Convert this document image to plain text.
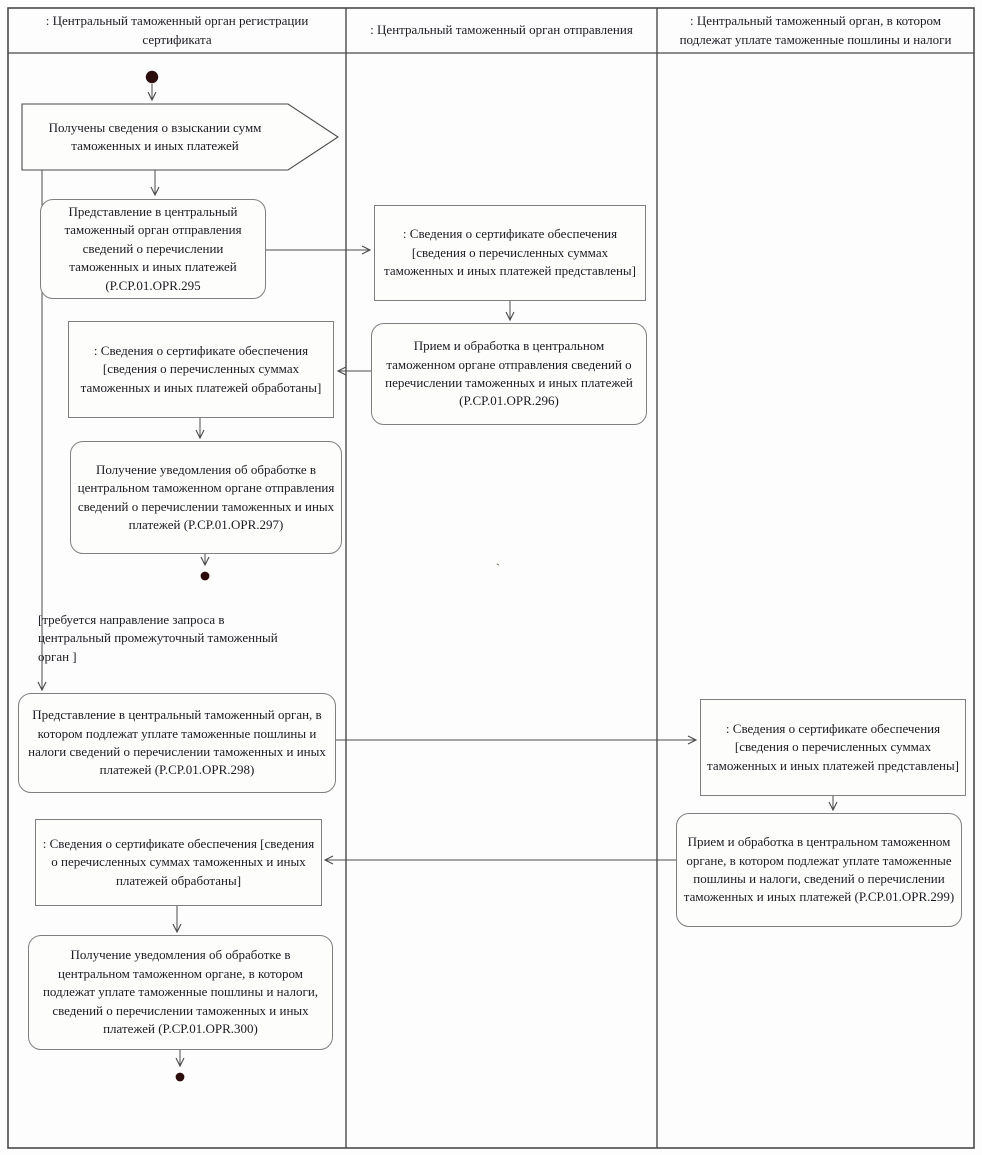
: Центральный таможенный орган регистрации сертификата
: Центральный таможенный орган отправления
: Центральный таможенный орган, в котором подлежат уплате таможенные пошлины и налоги
Получены сведения о взыскании сумм таможенных и иных платежей
Представление в центральный таможенный орган отправления сведений о перечислении таможенных и иных платежей (P.CP.01.OPR.295
: Сведения о сертификате обеспечения [сведения о перечисленных суммах таможенных и иных платежей обработаны]
Получение уведомления об обработке в центральном таможенном органе отправления сведений о перечислении таможенных и иных платежей (P.CP.01.OPR.297)
[требуется направление запроса в центральный промежуточный таможенный орган ]
Представление в центральный таможенный орган, в котором подлежат уплате таможенные пошлины и налоги сведений о перечислении таможенных и иных платежей (P.CP.01.OPR.298)
: Сведения о сертификате обеспечения [сведения о перечисленных суммах таможенных и иных платежей обработаны]
Получение уведомления об обработке в центральном таможенном органе, в котором подлежат уплате таможенные пошлины и налоги, сведений о перечислении таможенных и иных платежей (P.CP.01.OPR.300)
: Сведения о сертификате обеспечения [сведения о перечисленных суммах таможенных и иных платежей представлены]
Прием и обработка в центральном таможенном органе отправления сведений о перечислении таможенных и иных платежей (P.CP.01.OPR.296)
: Сведения о сертификате обеспечения [сведения о перечисленных суммах таможенных и иных платежей представлены]
Прием и обработка в центральном таможенном органе, в котором подлежат уплате таможенные пошлины и налоги, сведений о перечислении таможенных и иных платежей (P.CP.01.OPR.299)
`
